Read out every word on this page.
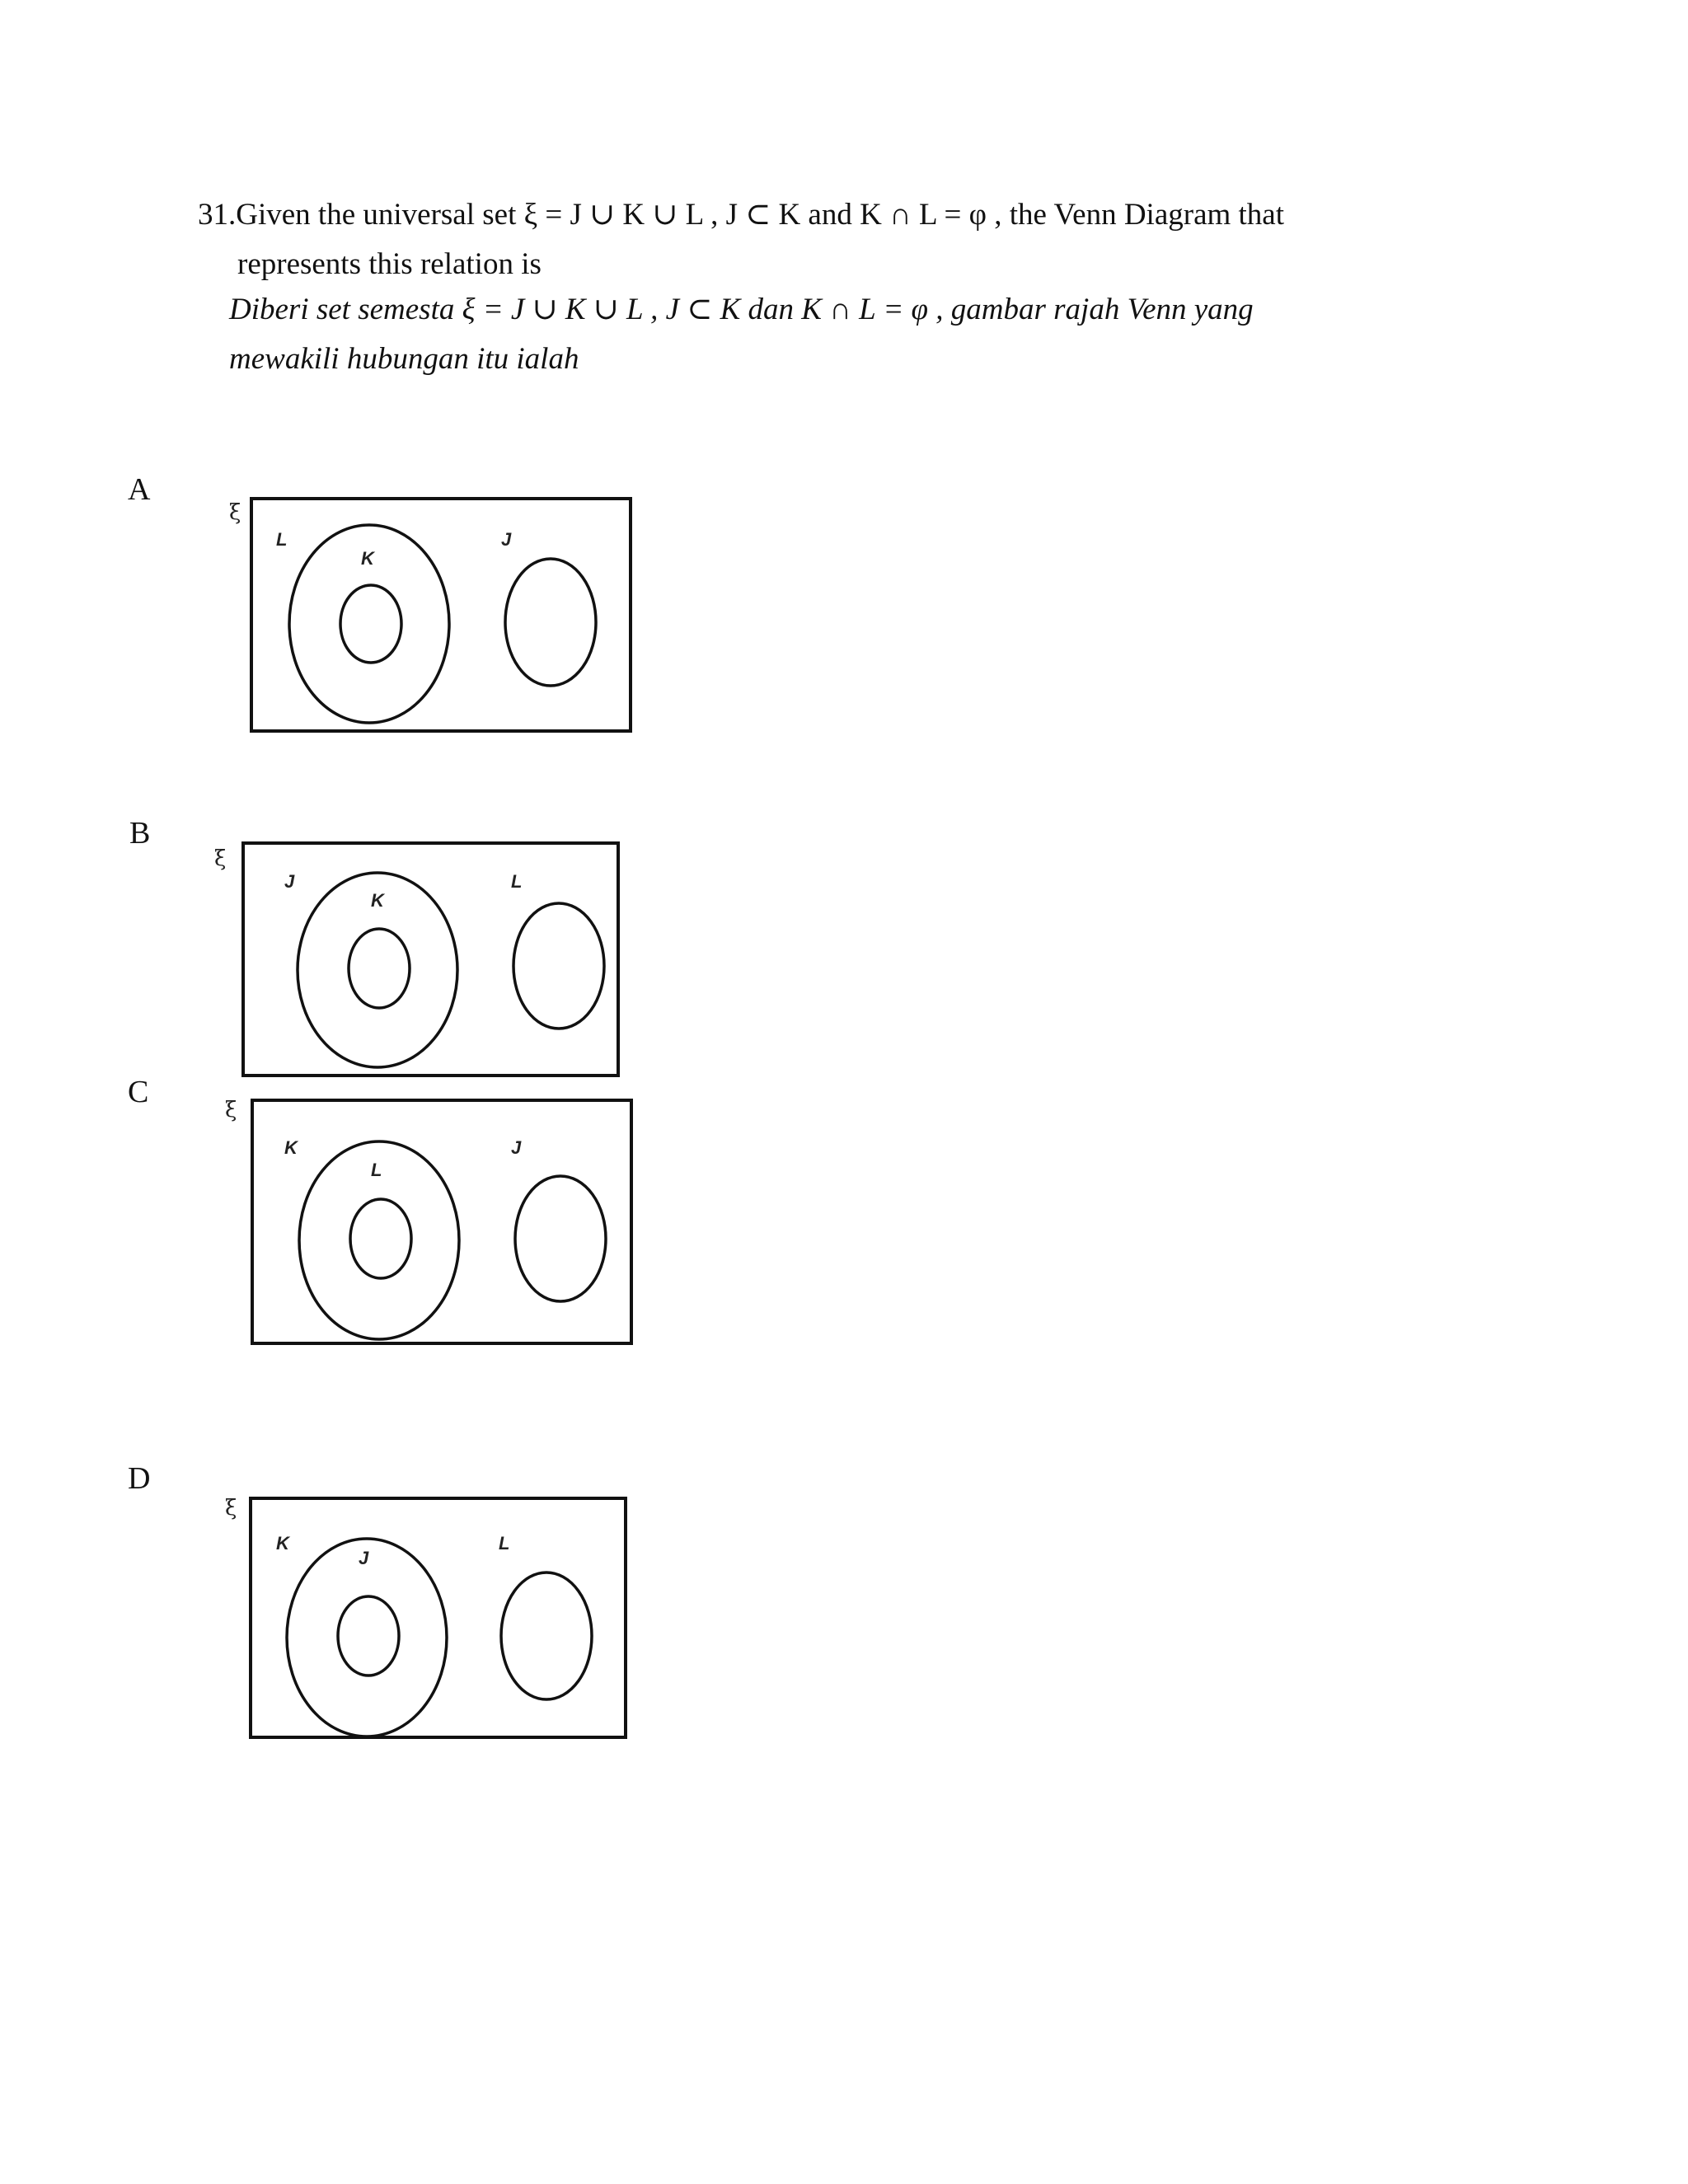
31.Given the universal set ξ = J ∪ K ∪ L , J ⊂ K and K ∩ L = φ , the Venn Diagram that
represents this relation is
Diberi set semesta ξ = J ∪ K ∪ L , J ⊂ K dan K ∩ L = φ , gambar rajah Venn yang
mewakili hubungan itu ialah
A
ξ
L
K
J
B
ξ
J
K
L
C
ξ
K
L
J
D
ξ
K
J
L
